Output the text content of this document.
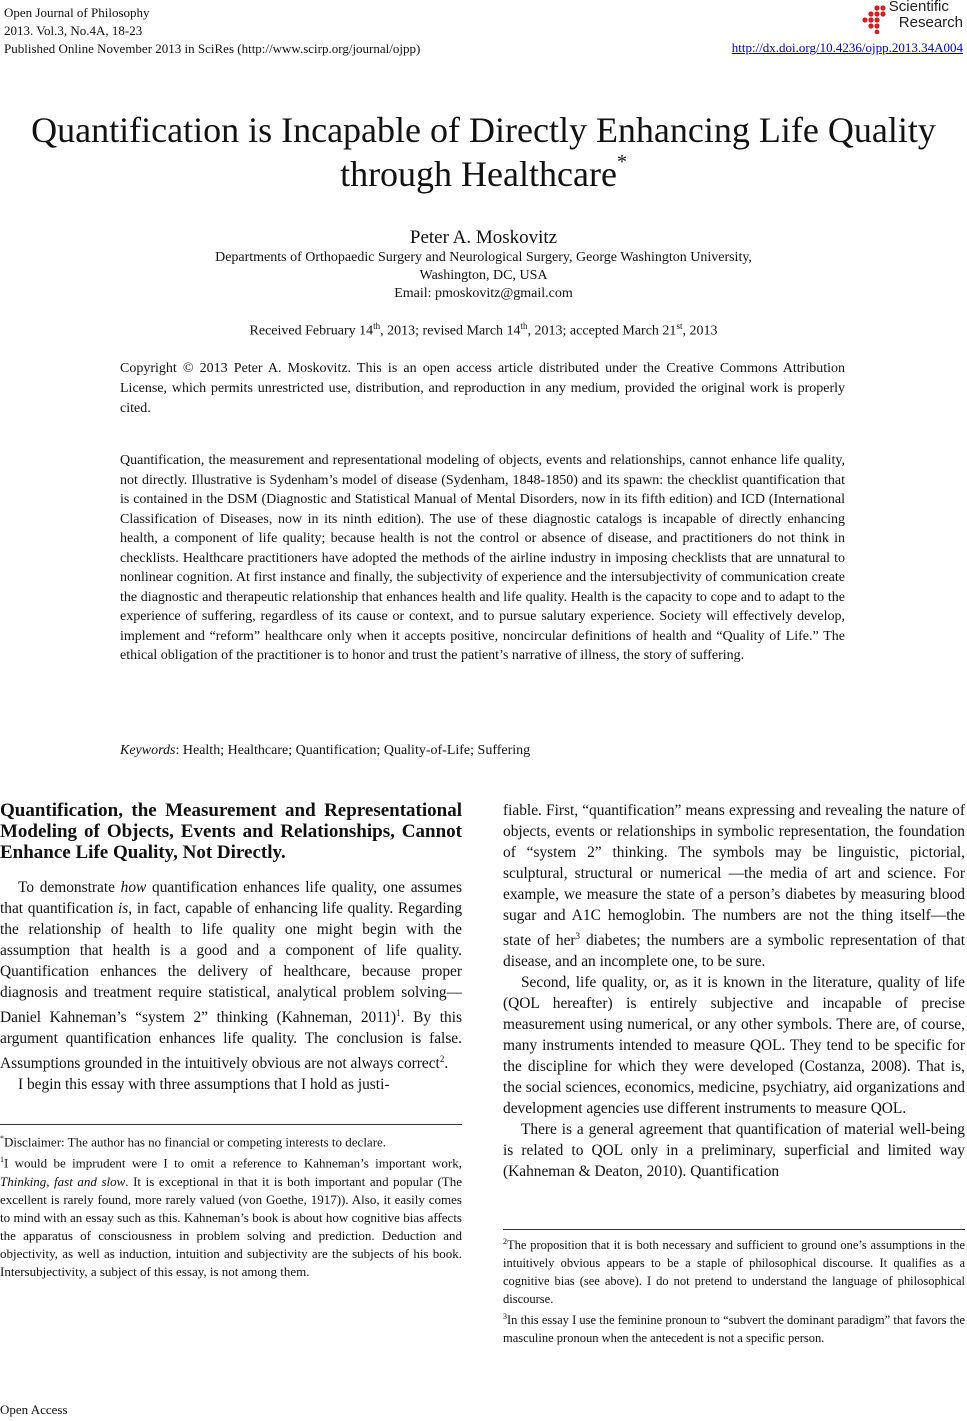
Open Journal of Philosophy
2013. Vol.3, No.4A, 18-23
Published Online November 2013 in SciRes (http://www.scirp.org/journal/ojpp)	http://dx.doi.org/10.4236/ojpp.2013.34A004
Scientific
Research
Quantification is Incapable of Directly Enhancing Life Quality
through Healthcare*
Peter A. Moskovitz
Departments of Orthopaedic Surgery and Neurological Surgery, George Washington University,
Washington, DC, USA
Email: pmoskovitz@gmail.com
Received February 14th, 2013; revised March 14th, 2013; accepted March 21st, 2013
Copyright © 2013 Peter A. Moskovitz. This is an open access article distributed under the Creative Commons Attribution License, which permits unrestricted use, distribution, and reproduction in any medium, provided the original work is properly cited.
Quantification, the measurement and representational modeling of objects, events and relationships, cannot enhance life quality, not directly. Illustrative is Sydenham’s model of disease (Sydenham, 1848-1850) and its spawn: the checklist quantification that is contained in the DSM (Diagnostic and Statistical Manual of Mental Disorders, now in its fifth edition) and ICD (International Classification of Diseases, now in its ninth edition). The use of these diagnostic catalogs is incapable of directly enhancing health, a component of life quality; because health is not the control or absence of disease, and practitioners do not think in checklists. Healthcare practitioners have adopted the methods of the airline industry in imposing checklists that are unnatural to nonlinear cognition. At first instance and finally, the subjectivity of experience and the intersubjectivity of communication create the diagnostic and therapeutic relationship that enhances health and life quality. Health is the capacity to cope and to adapt to the experience of suffering, regardless of its cause or context, and to pursue salutary experience. Society will effectively develop, implement and “reform” healthcare only when it accepts positive, noncircular definitions of health and “Quality of Life.” The ethical obligation of the practitioner is to honor and trust the patient’s narrative of illness, the story of suffering.
Keywords: Health; Healthcare; Quantification; Quality-of-Life; Suffering
Quantification, the Measurement and Representational Modeling of Objects, Events and Relationships, Cannot Enhance Life Quality, Not Directly.

To demonstrate how quantification enhances life quality, one assumes that quantification is, in fact, capable of enhancing life quality. Regarding the relationship of health to life quality one might begin with the assumption that health is a good and a component of life quality. Quantification enhances the delivery of healthcare, because proper diagnosis and treatment require statistical, analytical problem solving—Daniel Kahneman’s “system 2” thinking (Kahneman, 2011)$^1$. By this argument quantification enhances life quality. The conclusion is false. Assumptions grounded in the intuitively obvious are not always correct$^2$.

I begin this essay with three assumptions that I hold as justi-

*Disclaimer: The author has no financial or competing interests to declare.
$^1$I would be imprudent were I to omit a reference to Kahneman’s important work, Thinking, fast and slow. It is exceptional in that it is both important and popular (The excellent is rarely found, more rarely valued (von Goethe, 1917)). Also, it easily comes to mind with an essay such as this. Kahneman’s book is about how cognitive bias affects the apparatus of consciousness in problem solving and prediction. Deduction and objectivity, as well as induction, intuition and subjectivity are the subjects of his book. Intersubjectivity, a subject of this essay, is not among them.

fiable. First, “quantification” means expressing and revealing the nature of objects, events or relationships in symbolic representation, the foundation of “system 2” thinking. The symbols may be linguistic, pictorial, sculptural, structural or numerical —the media of art and science. For example, we measure the state of a person’s diabetes by measuring blood sugar and A1C hemoglobin. The numbers are not the thing itself—the state of her$^3$ diabetes; the numbers are a symbolic representation of that disease, and an incomplete one, to be sure.

Second, life quality, or, as it is known in the literature, quality of life (QOL hereafter) is entirely subjective and incapable of precise measurement using numerical, or any other symbols. There are, of course, many instruments intended to measure QOL. They tend to be specific for the discipline for which they were developed (Costanza, 2008). That is, the social sciences, economics, medicine, psychiatry, aid organizations and development agencies use different instruments to measure QOL.

There is a general agreement that quantification of material well-being is related to QOL only in a preliminary, superficial and limited way (Kahneman & Deaton, 2010). Quantification

$^2$The proposition that it is both necessary and sufficient to ground one’s assumptions in the intuitively obvious appears to be a staple of philosophical discourse. It qualifies as a cognitive bias (see above). I do not pretend to understand the language of philosophical discourse.
$^3$In this essay I use the feminine pronoun to “subvert the dominant paradigm” that favors the masculine pronoun when the antecedent is not a specific person.
Open Access
